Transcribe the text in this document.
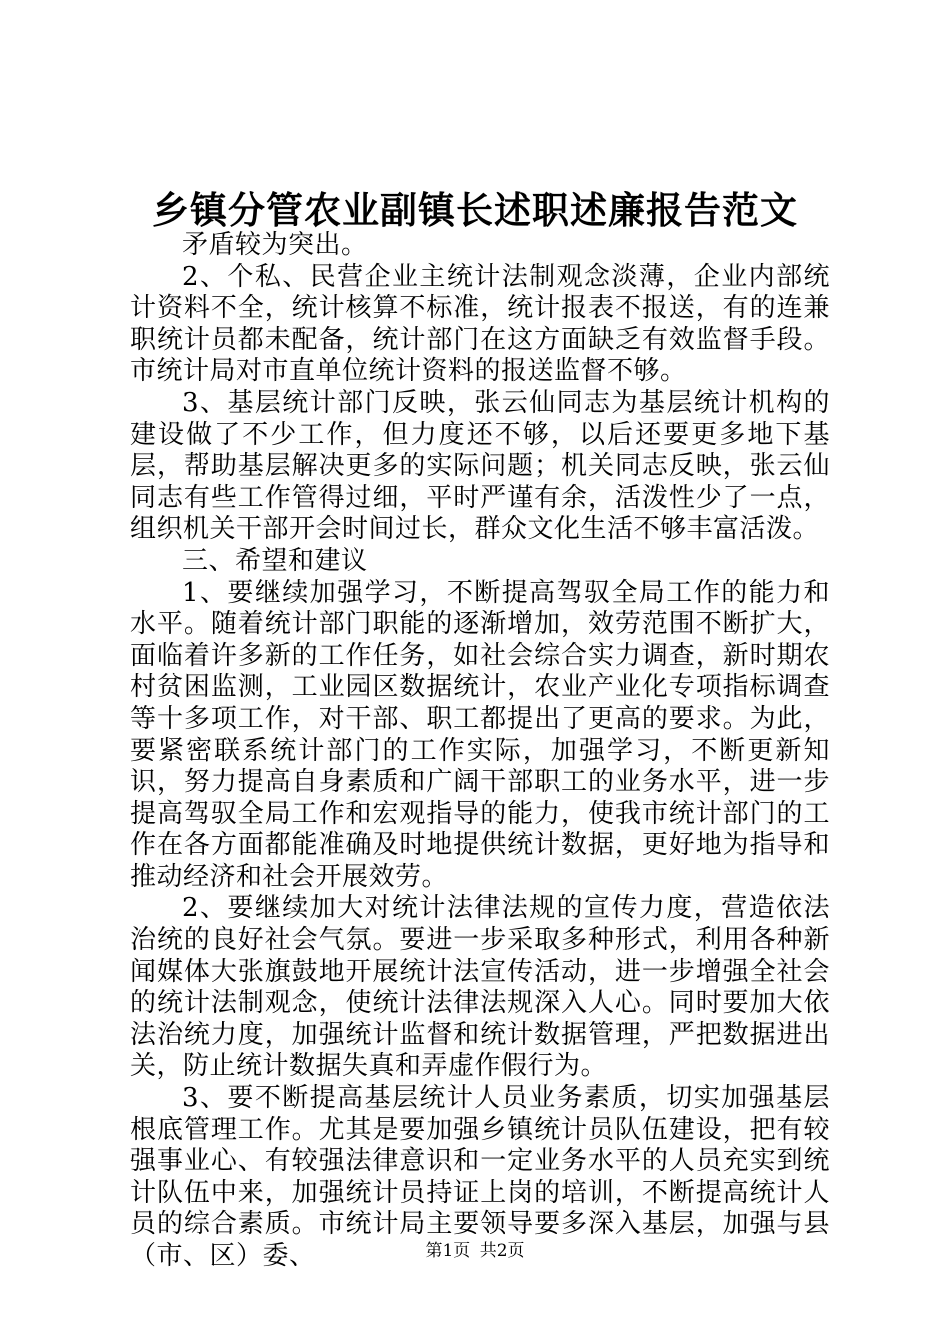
乡镇分管农业副镇长述职述廉报告范文

矛盾较为突出。

2、个私、民营企业主统计法制观念淡薄，企业内部统计资料不全，统计核算不标准，统计报表不报送，有的连兼职统计员都未配备，统计部门在这方面缺乏有效监督手段。市统计局对市直单位统计资料的报送监督不够。

3、基层统计部门反映，张云仙同志为基层统计机构的建设做了不少工作，但力度还不够，以后还要更多地下基层，帮助基层解决更多的实际问题；机关同志反映，张云仙同志有些工作管得过细，平时严谨有余，活泼性少了一点，组织机关干部开会时间过长，群众文化生活不够丰富活泼。

三、希望和建议

1、要继续加强学习，不断提高驾驭全局工作的能力和水平。随着统计部门职能的逐渐增加，效劳范围不断扩大，面临着许多新的工作任务，如社会综合实力调查，新时期农村贫困监测，工业园区数据统计，农业产业化专项指标调查等十多项工作，对干部、职工都提出了更高的要求。为此，要紧密联系统计部门的工作实际，加强学习，不断更新知识，努力提高自身素质和广阔干部职工的业务水平，进一步提高驾驭全局工作和宏观指导的能力，使我市统计部门的工作在各方面都能准确及时地提供统计数据，更好地为指导和推动经济和社会开展效劳。

2、要继续加大对统计法律法规的宣传力度，营造依法治统的良好社会气氛。要进一步采取多种形式，利用各种新闻媒体大张旗鼓地开展统计法宣传活动，进一步增强全社会的统计法制观念，使统计法律法规深入人心。同时要加大依法治统力度，加强统计监督和统计数据管理，严把数据进出关，防止统计数据失真和弄虚作假行为。

3、要不断提高基层统计人员业务素质，切实加强基层根底管理工作。尤其是要加强乡镇统计员队伍建设，把有较强事业心、有较强法律意识和一定业务水平的人员充实到统计队伍中来，加强统计员持证上岗的培训，不断提高统计人员的综合素质。市统计局主要领导要多深入基层，加强与县（市、区）委、	第1页 共2页
